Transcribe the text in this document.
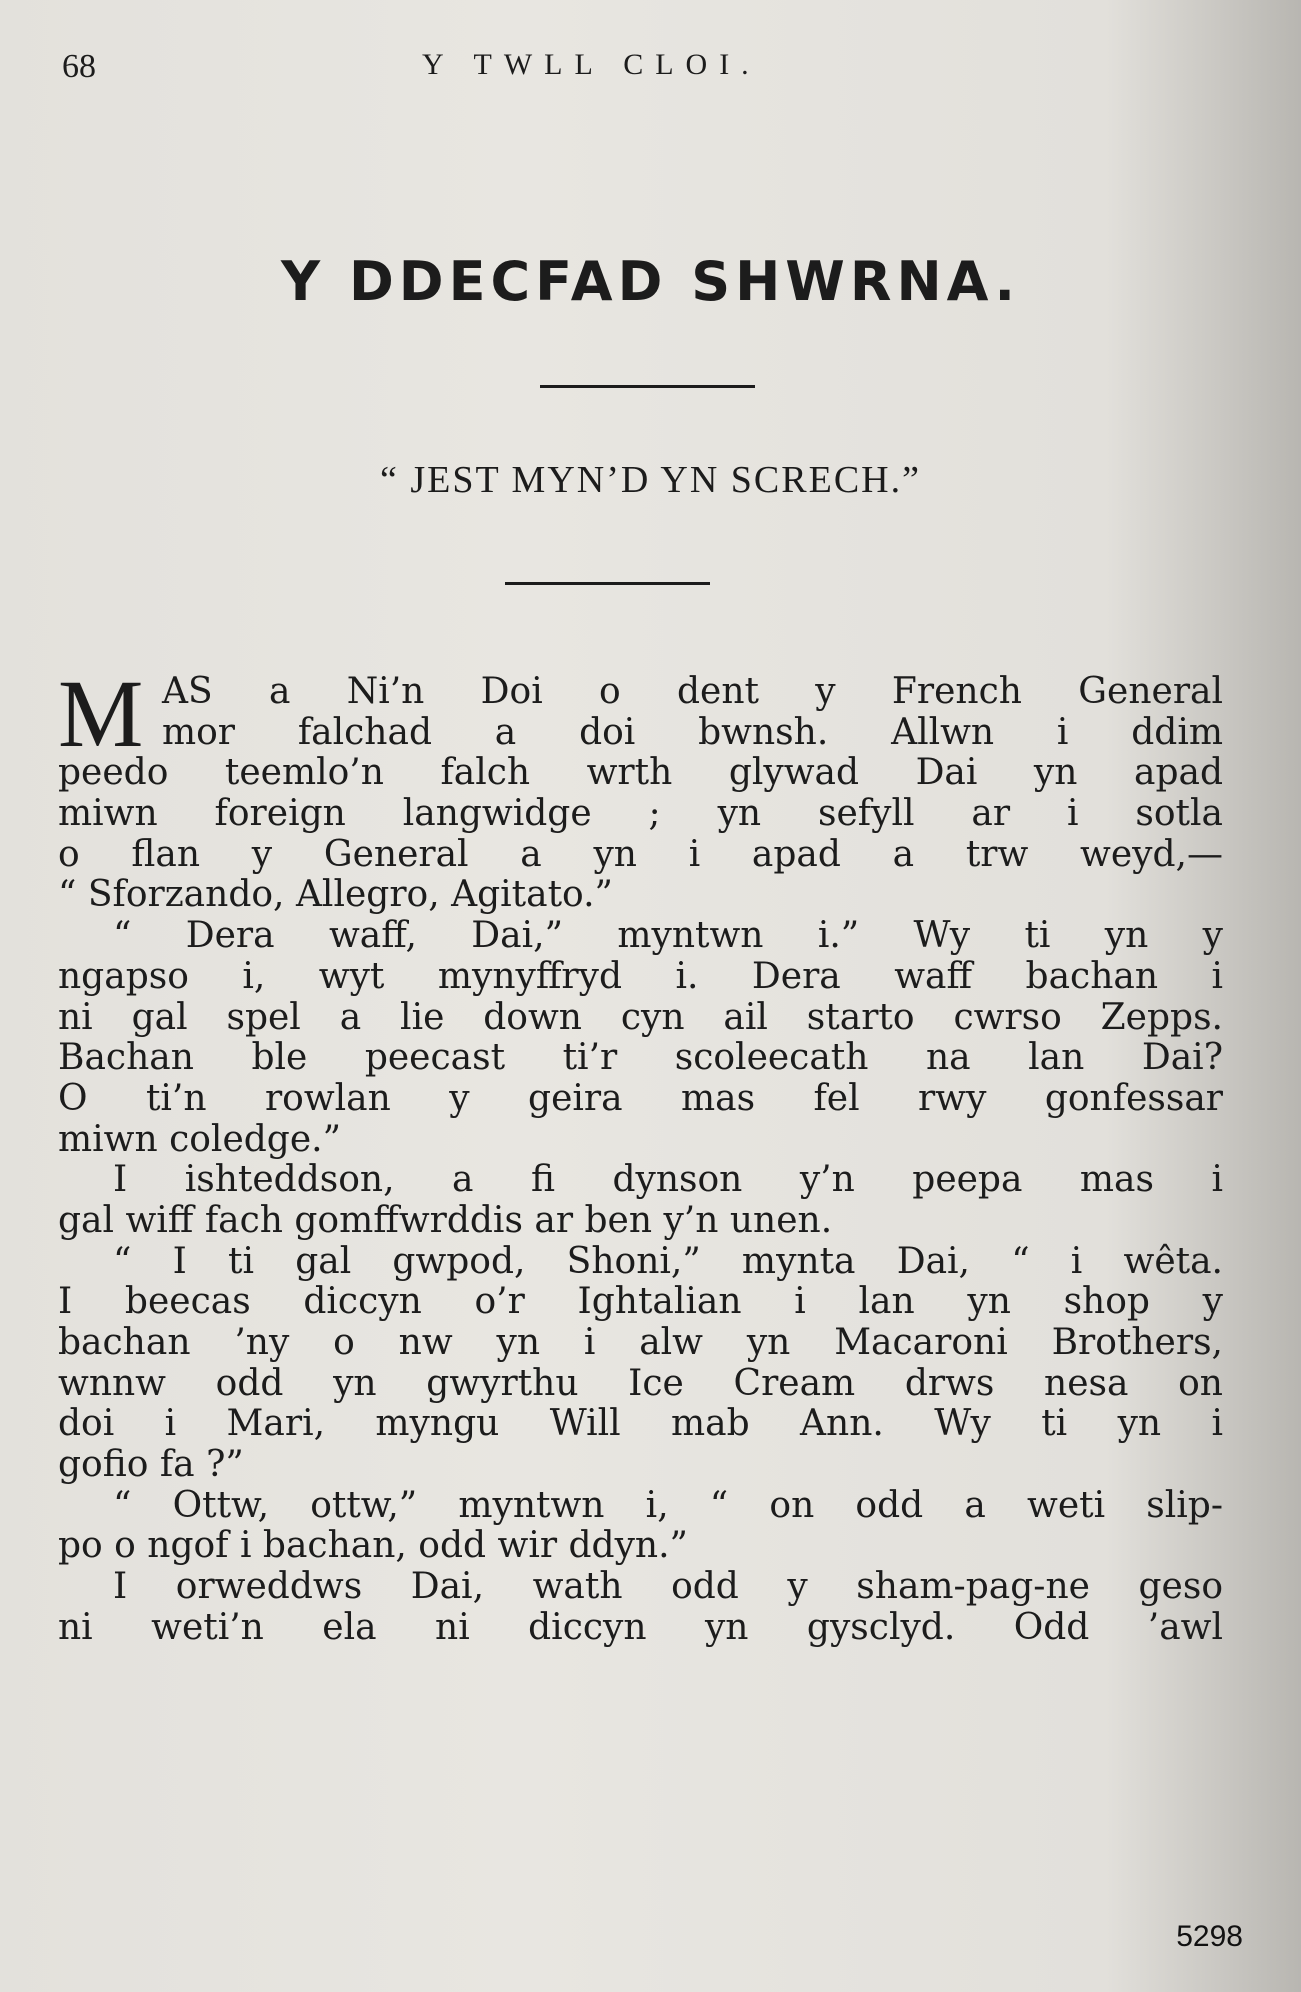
68	Y TWLL CLOI.
Y DDECFAD SHWRNA.
“ JEST MYN’D YN SCRECH.”
M AS a Ni’n Doi o dent y French General
mor falchad a doi bwnsh. Allwn i ddim
peedo teemlo’n falch wrth glywad Dai yn apad
miwn foreign langwidge ; yn sefyll ar i sotla
o flan y General a yn i apad a trw weyd,—
“ Sforzando, Allegro, Agitato.”
“ Dera waff, Dai,” myntwn i.” Wy ti yn y
ngapso i, wyt mynyffryd i. Dera waff bachan i
ni gal spel a lie down cyn ail starto cwrso Zepps.
Bachan ble peecast ti’r scoleecath na lan Dai?
O ti’n rowlan y geira mas fel rwy gonfessar
miwn coledge.”
I ishteddson, a fi dynson y’n peepa mas i
gal wiff fach gomffwrddis ar ben y’n unen.
“ I ti gal gwpod, Shoni,” mynta Dai, “ i wêta.
I beecas diccyn o’r Ightalian i lan yn shop y
bachan ’ny o nw yn i alw yn Macaroni Brothers,
wnnw odd yn gwyrthu Ice Cream drws nesa on
doi i Mari, myngu Will mab Ann. Wy ti yn i
gofio fa ?”
“ Ottw, ottw,” myntwn i, “ on odd a weti slip-
po o ngof i bachan, odd wir ddyn.”
I orweddws Dai, wath odd y sham-pag-ne geso
ni weti’n ela ni diccyn yn gysclyd. Odd ’awl
5298
